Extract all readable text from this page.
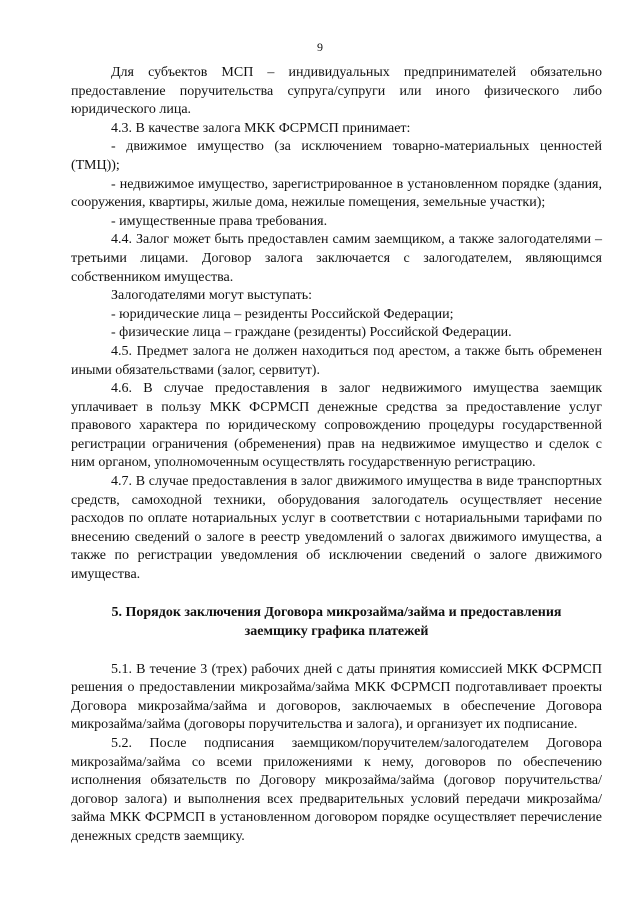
9

Для субъектов МСП – индивидуальных предпринимателей обязательно предоставление поручительства супруга/супруги или иного физического либо юридического лица.

4.3. В качестве залога МКК ФСРМСП принимает:

- движимое имущество (за исключением товарно-материальных ценностей (ТМЦ));

- недвижимое имущество, зарегистрированное в установленном порядке (здания, сооружения, квартиры, жилые дома, нежилые помещения, земельные участки);

- имущественные права требования.

4.4. Залог может быть предоставлен самим заемщиком, а также залогодателями – третьими лицами. Договор залога заключается с залогодателем, являющимся собственником имущества.

Залогодателями могут выступать:

- юридические лица – резиденты Российской Федерации;

- физические лица – граждане (резиденты) Российской Федерации.

4.5. Предмет залога не должен находиться под арестом, а также быть обременен иными обязательствами (залог, сервитут).

4.6. В случае предоставления в залог недвижимого имущества заемщик уплачивает в пользу МКК ФСРМСП денежные средства за предоставление услуг правового характера по юридическому сопровождению процедуры государственной регистрации ограничения (обременения) прав на недвижимое имущество и сделок с ним органом, уполномоченным осуществлять государственную регистрацию.

4.7. В случае предоставления в залог движимого имущества в виде транспортных средств, самоходной техники, оборудования залогодатель осуществляет несение расходов по оплате нотариальных услуг в соответствии с нотариальными тарифами по внесению сведений о залоге в реестр уведомлений о залогах движимого имущества, а также по регистрации уведомления об исключении сведений о залоге движимого имущества.

5. Порядок заключения Договора микрозайма/займа и предоставления заемщику графика платежей

5.1. В течение 3 (трех) рабочих дней с даты принятия комиссией МКК ФСРМСП решения о предоставлении микрозайма/займа МКК ФСРМСП подготавливает проекты Договора микрозайма/займа и договоров, заключаемых в обеспечение Договора микрозайма/займа (договоры поручительства и залога), и организует их подписание.

5.2. После подписания заемщиком/поручителем/залогодателем Договора микрозайма/займа со всеми приложениями к нему, договоров по обеспечению исполнения обязательств по Договору микрозайма/займа (договор поручительства/договор залога) и выполнения всех предварительных условий передачи микрозайма/займа МКК ФСРМСП в установленном договором порядке осуществляет перечисление денежных средств заемщику.
